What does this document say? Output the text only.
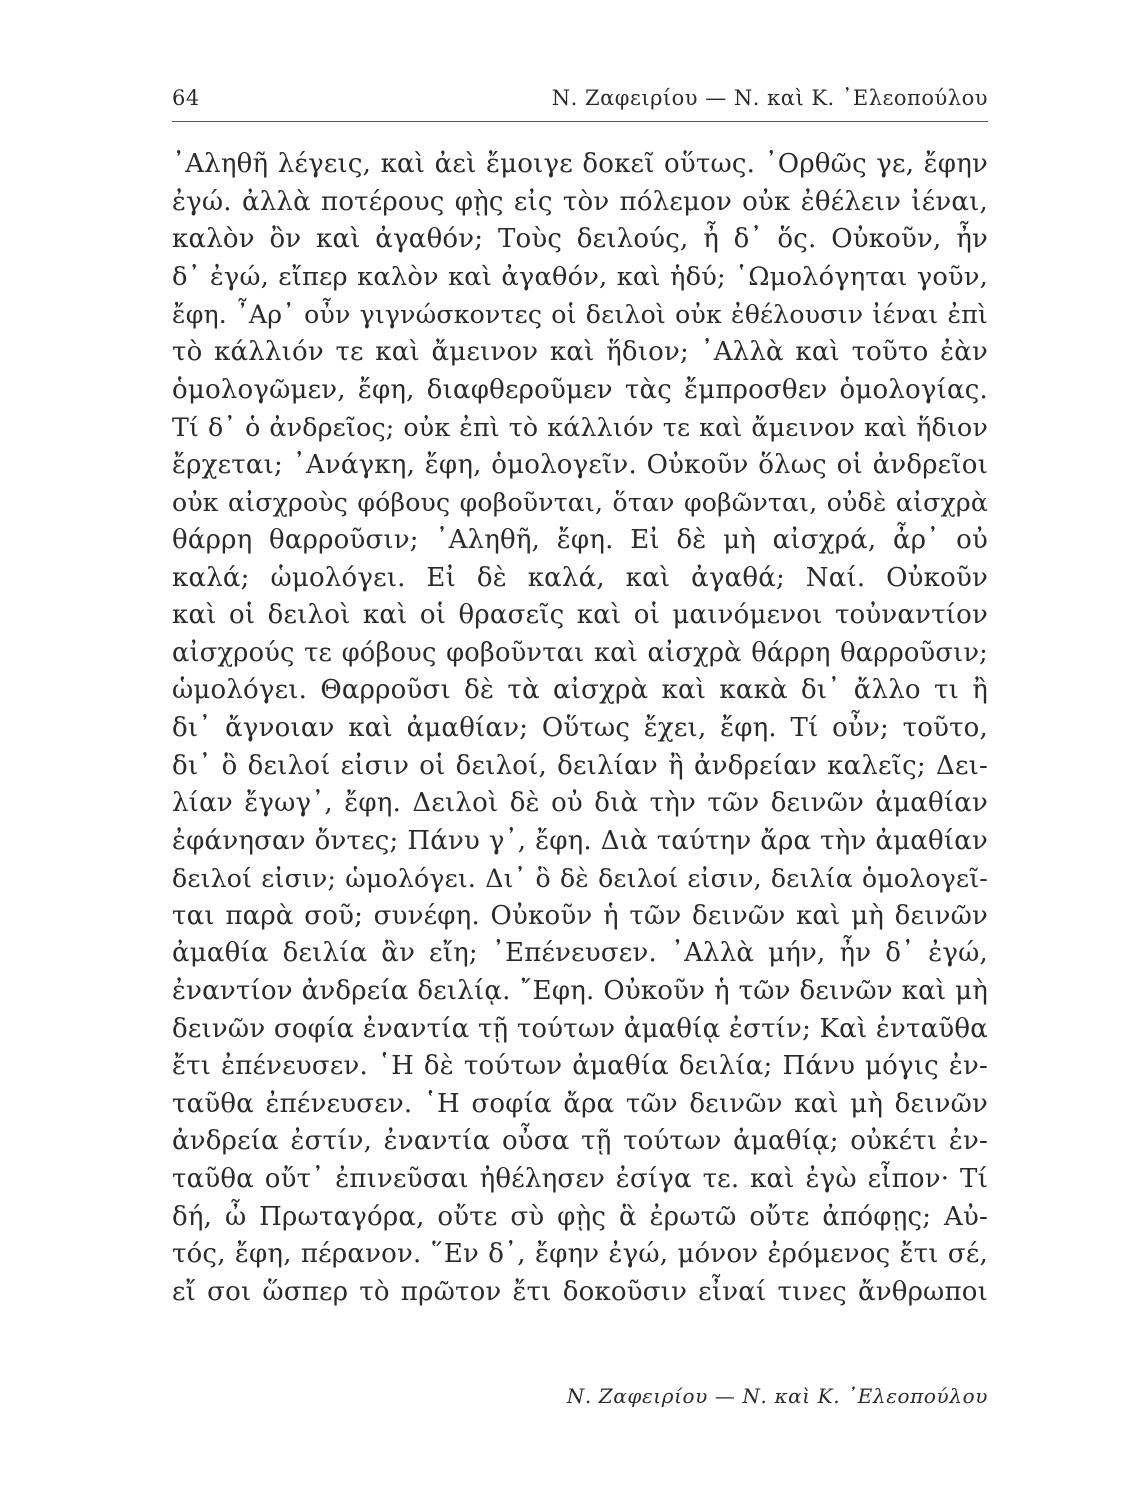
64	Ν. Ζαφειρίου — Ν. καὶ Κ. ᾿Ελεοπούλου
᾿Αληθῆ λέγεις, καὶ ἀεὶ ἔμοιγε δοκεῖ οὕτως. ᾿Ορθῶς γε, ἔφην
ἐγώ. ἀλλὰ ποτέρους φῂς εἰς τὸν πόλεμον οὐκ ἐθέλειν ἰέναι,
καλὸν ὂν καὶ ἀγαθόν; Τοὺς δειλούς, ἦ δ᾿ ὅς. Οὐκοῦν, ἦν
δ᾿ ἐγώ, εἴπερ καλὸν καὶ ἀγαθόν, καὶ ἡδύ; ῾Ωμολόγηται γοῦν,
ἔφη. ῏Αρ᾿ οὖν γιγνώσκοντες οἱ δειλοὶ οὐκ ἐθέλουσιν ἰέναι ἐπὶ
τὸ κάλλιόν τε καὶ ἄμεινον καὶ ἥδιον; ᾿Αλλὰ καὶ τοῦτο ἐὰν
ὁμολογῶμεν, ἔφη, διαφθεροῦμεν τὰς ἔμπροσθεν ὁμολογίας.
Τί δ᾿ ὁ ἀνδρεῖος; οὐκ ἐπὶ τὸ κάλλιόν τε καὶ ἄμεινον καὶ ἥδιον
ἔρχεται; ᾿Ανάγκη, ἔφη, ὁμολογεῖν. Οὐκοῦν ὅλως οἱ ἀνδρεῖοι
οὐκ αἰσχροὺς φόβους φοβοῦνται, ὅταν φοβῶνται, οὐδὲ αἰσχρὰ
θάρρη θαρροῦσιν; ᾿Αληθῆ, ἔφη. Εἰ δὲ μὴ αἰσχρά, ἆρ᾿ οὐ
καλά; ὡμολόγει. Εἰ δὲ καλά, καὶ ἀγαθά; Ναί. Οὐκοῦν
καὶ οἱ δειλοὶ καὶ οἱ θρασεῖς καὶ οἱ μαινόμενοι τοὐναντίον
αἰσχρούς τε φόβους φοβοῦνται καὶ αἰσχρὰ θάρρη θαρροῦσιν;
ὡμολόγει. Θαρροῦσι δὲ τὰ αἰσχρὰ καὶ κακὰ δι᾿ ἄλλο τι ἢ
δι᾿ ἄγνοιαν καὶ ἀμαθίαν; Οὕτως ἔχει, ἔφη. Τί οὖν; τοῦτο,
δι᾿ ὃ δειλοί εἰσιν οἱ δειλοί, δειλίαν ἢ ἀνδρείαν καλεῖς; Δει-
λίαν ἔγωγ᾿, ἔφη. Δειλοὶ δὲ οὐ διὰ τὴν τῶν δεινῶν ἀμαθίαν
ἐφάνησαν ὄντες; Πάνυ γ᾿, ἔφη. Διὰ ταύτην ἄρα τὴν ἀμαθίαν
δειλοί εἰσιν; ὡμολόγει. Δι᾿ ὃ δὲ δειλοί εἰσιν, δειλία ὁμολογεῖ-
ται παρὰ σοῦ; συνέφη. Οὐκοῦν ἡ τῶν δεινῶν καὶ μὴ δεινῶν
ἀμαθία δειλία ἂν εἴη; ᾿Επένευσεν. ᾿Αλλὰ μήν, ἦν δ᾿ ἐγώ,
ἐναντίον ἀνδρεία δειλίᾳ. ῎Εφη. Οὐκοῦν ἡ τῶν δεινῶν καὶ μὴ
δεινῶν σοφία ἐναντία τῇ τούτων ἀμαθίᾳ ἐστίν; Καὶ ἐνταῦθα
ἔτι ἐπένευσεν. ῾Η δὲ τούτων ἀμαθία δειλία; Πάνυ μόγις ἐν-
ταῦθα ἐπένευσεν. ῾Η σοφία ἄρα τῶν δεινῶν καὶ μὴ δεινῶν
ἀνδρεία ἐστίν, ἐναντία οὖσα τῇ τούτων ἀμαθίᾳ; οὐκέτι ἐν-
ταῦθα οὔτ᾿ ἐπινεῦσαι ἠθέλησεν ἐσίγα τε. καὶ ἐγὼ εἶπον· Τί
δή, ὦ Πρωταγόρα, οὔτε σὺ φῂς ἃ ἐρωτῶ οὔτε ἀπόφῃς; Αὐ-
τός, ἔφη, πέρανον. ῞Εν δ᾿, ἔφην ἐγώ, μόνον ἐρόμενος ἔτι σέ,
εἴ σοι ὥσπερ τὸ πρῶτον ἔτι δοκοῦσιν εἶναί τινες ἄνθρωποι
Ν. Ζαφειρίου — Ν. καὶ Κ. ᾿Ελεοπούλου
